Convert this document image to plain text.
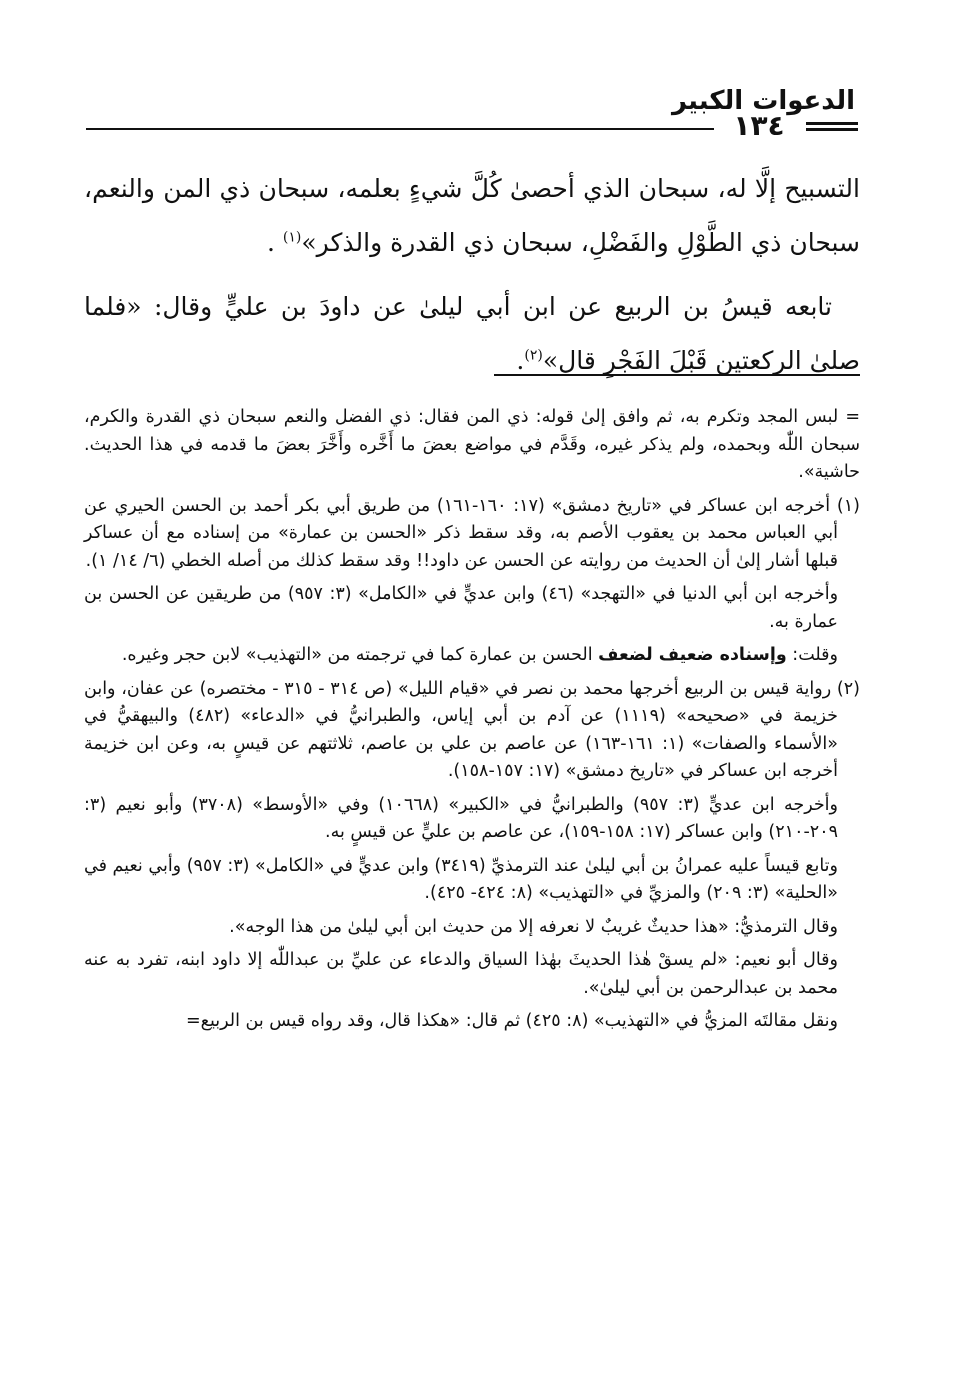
الدعوات الكبير
١٣٤

التسبيح إلَّا له، سبحان الذي أحصىٰ كُلَّ شيءٍ بعلمه، سبحان ذي المن والنعم، سبحان ذي الطَّوْلِ والفَضْلِ، سبحان ذي القدرة والذكر»$^{(١)}$ .

تابعه قيسُ بن الربيع عن ابن أبي ليلىٰ عن داودَ بن عليٍّ وقال: «فلما صلىٰ الركعتين قَبْلَ الفَجْرِ قال»$^{(٢)}$.

= لبس المجد وتكرم به، ثم وافق إلىٰ قوله: ذي المن فقال: ذي الفضل والنعم سبحان ذي القدرة والكرم، سبحان اللّٰه وبحمده، ولم يذكر غيره، وقَدَّم في مواضع بعضَ ما أَخَّره وأَخَّرَ بعضَ ما قدمه في هذا الحديث. حاشية».

(١) أخرجه ابن عساكر في «تاريخ دمشق» (١٧: ١٦٠-١٦١) من طريق أبي بكر أحمد بن الحسن الحيري عن أبي العباس محمد بن يعقوب الأصم به، وقد سقط ذكر «الحسن بن عمارة» من إسناده مع أن عساكر قبلها أشار إلىٰ أن الحديث من روايته عن الحسن عن داود!! وقد سقط كذلك من أصله الخطي (٦/ ١٤/ ١).

وأخرجه ابن أبي الدنيا في «التهجد» (٤٦) وابن عديٍّ في «الكامل» (٣: ٩٥٧) من طريقين عن الحسن بن عمارة به.

وقلت: وإسناده ضعيف لضعف الحسن بن عمارة كما في ترجمته من «التهذيب» لابن حجر وغيره.

(٢) رواية قيس بن الربيع أخرجها محمد بن نصر في «قيام الليل» (ص ٣١٤ - ٣١٥ - مختصره) عن عفان، وابن خزيمة في «صحيحه» (١١١٩) عن آدم بن أبي إياس، والطبرانيُّ في «الدعاء» (٤٨٢) والبيهقيُّ في «الأسماء والصفات» (١: ١٦١-١٦٣) عن عاصم بن علي بن عاصم، ثلاثتهم عن قيسٍ به، وعن ابن خزيمة أخرجه ابن عساكر في «تاريخ دمشق» (١٧: ١٥٧-١٥٨).

وأخرجه ابن عديٍّ (٣: ٩٥٧) والطبرانيُّ في «الكبير» (١٠٦٦٨) وفي «الأوسط» (٣٧٠٨) وأبو نعيم (٣: ٢٠٩-٢١٠) وابن عساكر (١٧: ١٥٨-١٥٩)، عن عاصم بن عليٍّ عن قيسٍ به.

وتابع قيساً عليه عمرانُ بن أبي ليلىٰ عند الترمذيِّ (٣٤١٩) وابن عديٍّ في «الكامل» (٣: ٩٥٧) وأبي نعيم في «الحلية» (٣: ٢٠٩) والمزيِّ في «التهذيب» (٨: ٤٢٤- ٤٢٥).

وقال الترمذيُّ: «هذا حديثٌ غريبٌ لا نعرفه إلا من حديث ابن أبي ليلىٰ من هذا الوجه».

وقال أبو نعيم: «لم يسقْ هٰذا الحديثَ بهٰذا السياق والدعاء عن عليِّ بن عبداللّٰه إلا داود ابنه، تفرد به عنه محمد بن عبدالرحمن بن أبي ليلىٰ».

ونقل مقالتَه المزيُّ في «التهذيب» (٨: ٤٢٥) ثم قال: «هكذا قال، وقد رواه قيس بن الربيع=
